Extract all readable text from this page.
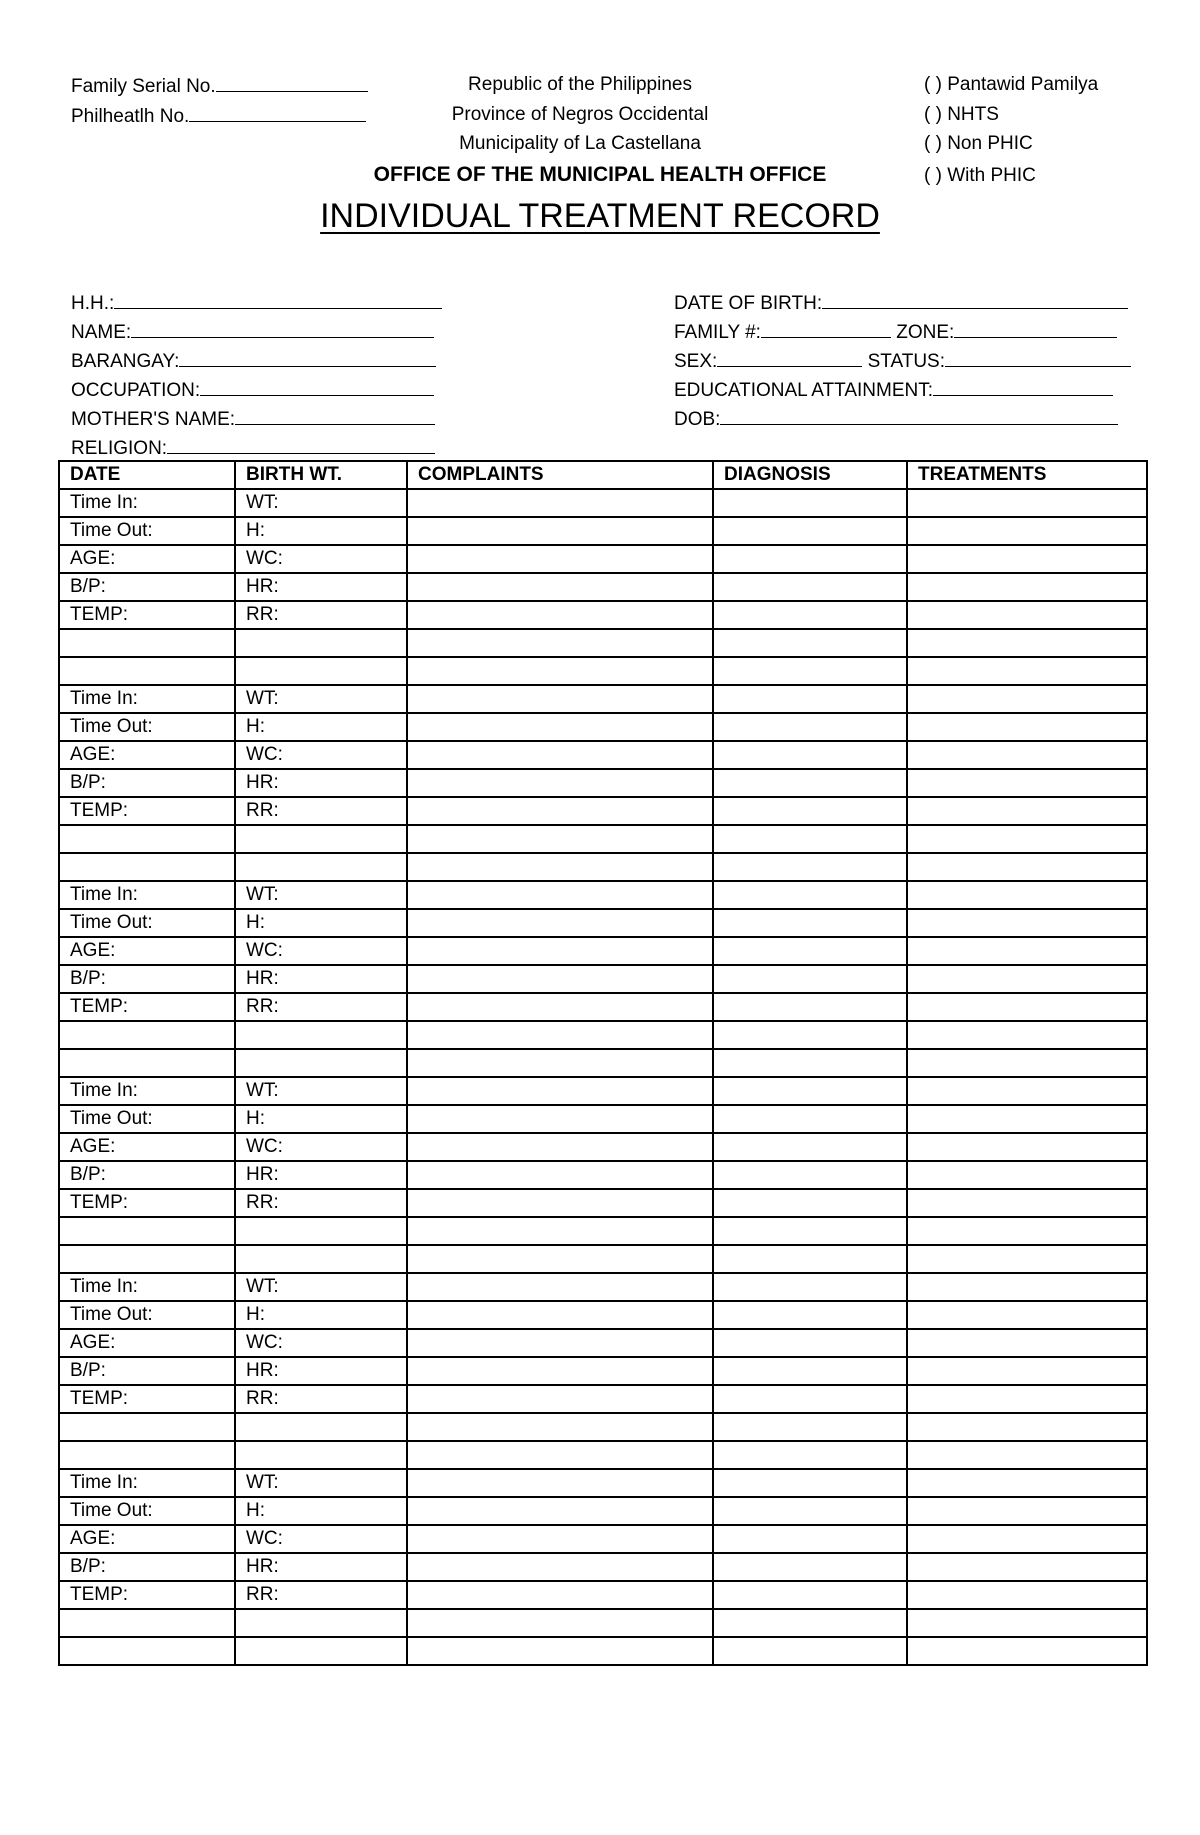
Family Serial No.
Philheatlh No.
Republic of the Philippines
Province of Negros Occidental
Municipality of La Castellana
OFFICE OF THE MUNICIPAL HEALTH OFFICE
INDIVIDUAL TREATMENT RECORD
( ) Pantawid Pamilya
( ) NHTS
( ) Non PHIC
( ) With PHIC
H.H.:
NAME:
BARANGAY:
OCCUPATION:
MOTHER'S NAME:
RELIGION:
DATE OF BIRTH:
FAMILY #:	ZONE:
SEX:	STATUS:
EDUCATIONAL ATTAINMENT:
DOB:
DATE	BIRTH WT.	COMPLAINTS	DIAGNOSIS	TREATMENTS
Time In:	WT:			
Time Out:	H:			
AGE:	WC:			
B/P:	HR:			
TEMP:	RR:			

Time In:	WT:			
Time Out:	H:			
AGE:	WC:			
B/P:	HR:			
TEMP:	RR:			

Time In:	WT:			
Time Out:	H:			
AGE:	WC:			
B/P:	HR:			
TEMP:	RR:			

Time In:	WT:			
Time Out:	H:			
AGE:	WC:			
B/P:	HR:			
TEMP:	RR:			

Time In:	WT:			
Time Out:	H:			
AGE:	WC:			
B/P:	HR:			
TEMP:	RR:			

Time In:	WT:			
Time Out:	H:			
AGE:	WC:			
B/P:	HR:			
TEMP:	RR:			
